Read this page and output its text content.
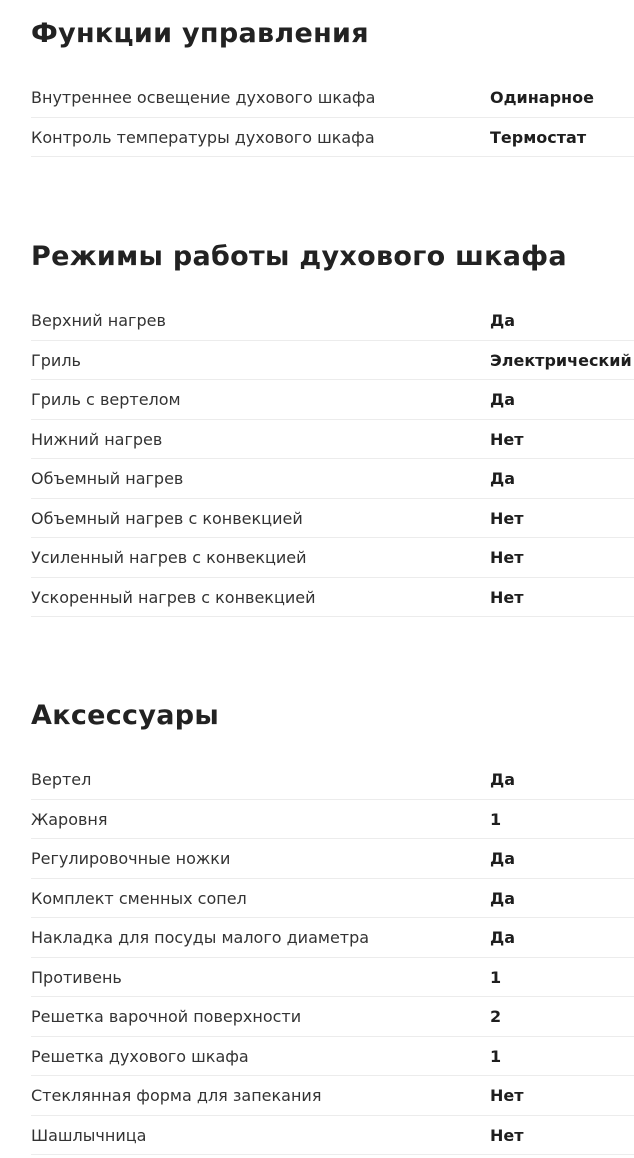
Функции управления
Внутреннее освещение духового шкафа	Одинарное
Контроль температуры духового шкафа	Термостат
Режимы работы духового шкафа
Верхний нагрев	Да
Гриль	Электрический
Гриль с вертелом	Да
Нижний нагрев	Нет
Объемный нагрев	Да
Объемный нагрев с конвекцией	Нет
Усиленный нагрев с конвекцией	Нет
Ускоренный нагрев с конвекцией	Нет
Аксессуары
Вертел	Да
Жаровня	1
Регулировочные ножки	Да
Комплект сменных сопел	Да
Накладка для посуды малого диаметра	Да
Противень	1
Решетка варочной поверхности	2
Решетка духового шкафа	1
Стеклянная форма для запекания	Нет
Шашлычница	Нет
